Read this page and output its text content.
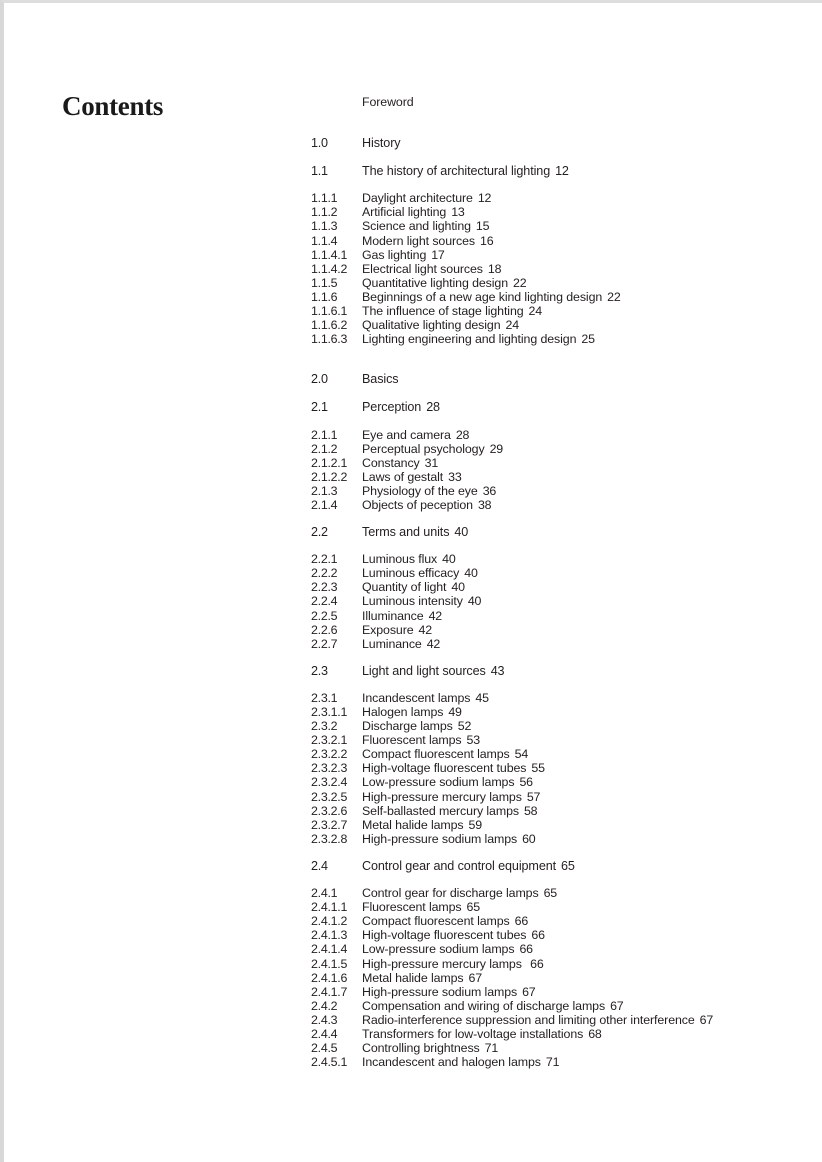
Contents	Foreword
1.0	History
1.1	The history of architectural lighting 12
1.1.1	Daylight architecture 12
1.1.2	Artificial lighting 13
1.1.3	Science and lighting 15
1.1.4	Modern light sources 16
1.1.4.1	Gas lighting 17
1.1.4.2	Electrical light sources 18
1.1.5	Quantitative lighting design 22
1.1.6	Beginnings of a new age kind lighting design 22
1.1.6.1	The influence of stage lighting 24
1.1.6.2	Qualitative lighting design 24
1.1.6.3	Lighting engineering and lighting design 25
2.0	Basics
2.1	Perception 28
2.1.1	Eye and camera 28
2.1.2	Perceptual psychology 29
2.1.2.1	Constancy 31
2.1.2.2	Laws of gestalt 33
2.1.3	Physiology of the eye 36
2.1.4	Objects of peception 38
2.2	Terms and units 40
2.2.1	Luminous flux 40
2.2.2	Luminous efficacy 40
2.2.3	Quantity of light 40
2.2.4	Luminous intensity 40
2.2.5	Illuminance 42
2.2.6	Exposure 42
2.2.7	Luminance 42
2.3	Light and light sources 43
2.3.1	Incandescent lamps 45
2.3.1.1	Halogen lamps 49
2.3.2	Discharge lamps 52
2.3.2.1	Fluorescent lamps 53
2.3.2.2	Compact fluorescent lamps 54
2.3.2.3	High-voltage fluorescent tubes 55
2.3.2.4	Low-pressure sodium lamps 56
2.3.2.5	High-pressure mercury lamps 57
2.3.2.6	Self-ballasted mercury lamps 58
2.3.2.7	Metal halide lamps 59
2.3.2.8	High-pressure sodium lamps 60
2.4	Control gear and control equipment 65
2.4.1	Control gear for discharge lamps 65
2.4.1.1	Fluorescent lamps 65
2.4.1.2	Compact fluorescent lamps 66
2.4.1.3	High-voltage fluorescent tubes 66
2.4.1.4	Low-pressure sodium lamps 66
2.4.1.5	High-pressure mercury lamps 66
2.4.1.6	Metal halide lamps 67
2.4.1.7	High-pressure sodium lamps 67
2.4.2	Compensation and wiring of discharge lamps 67
2.4.3	Radio-interference suppression and limiting other interference 67
2.4.4	Transformers for low-voltage installations 68
2.4.5	Controlling brightness 71
2.4.5.1	Incandescent and halogen lamps 71
